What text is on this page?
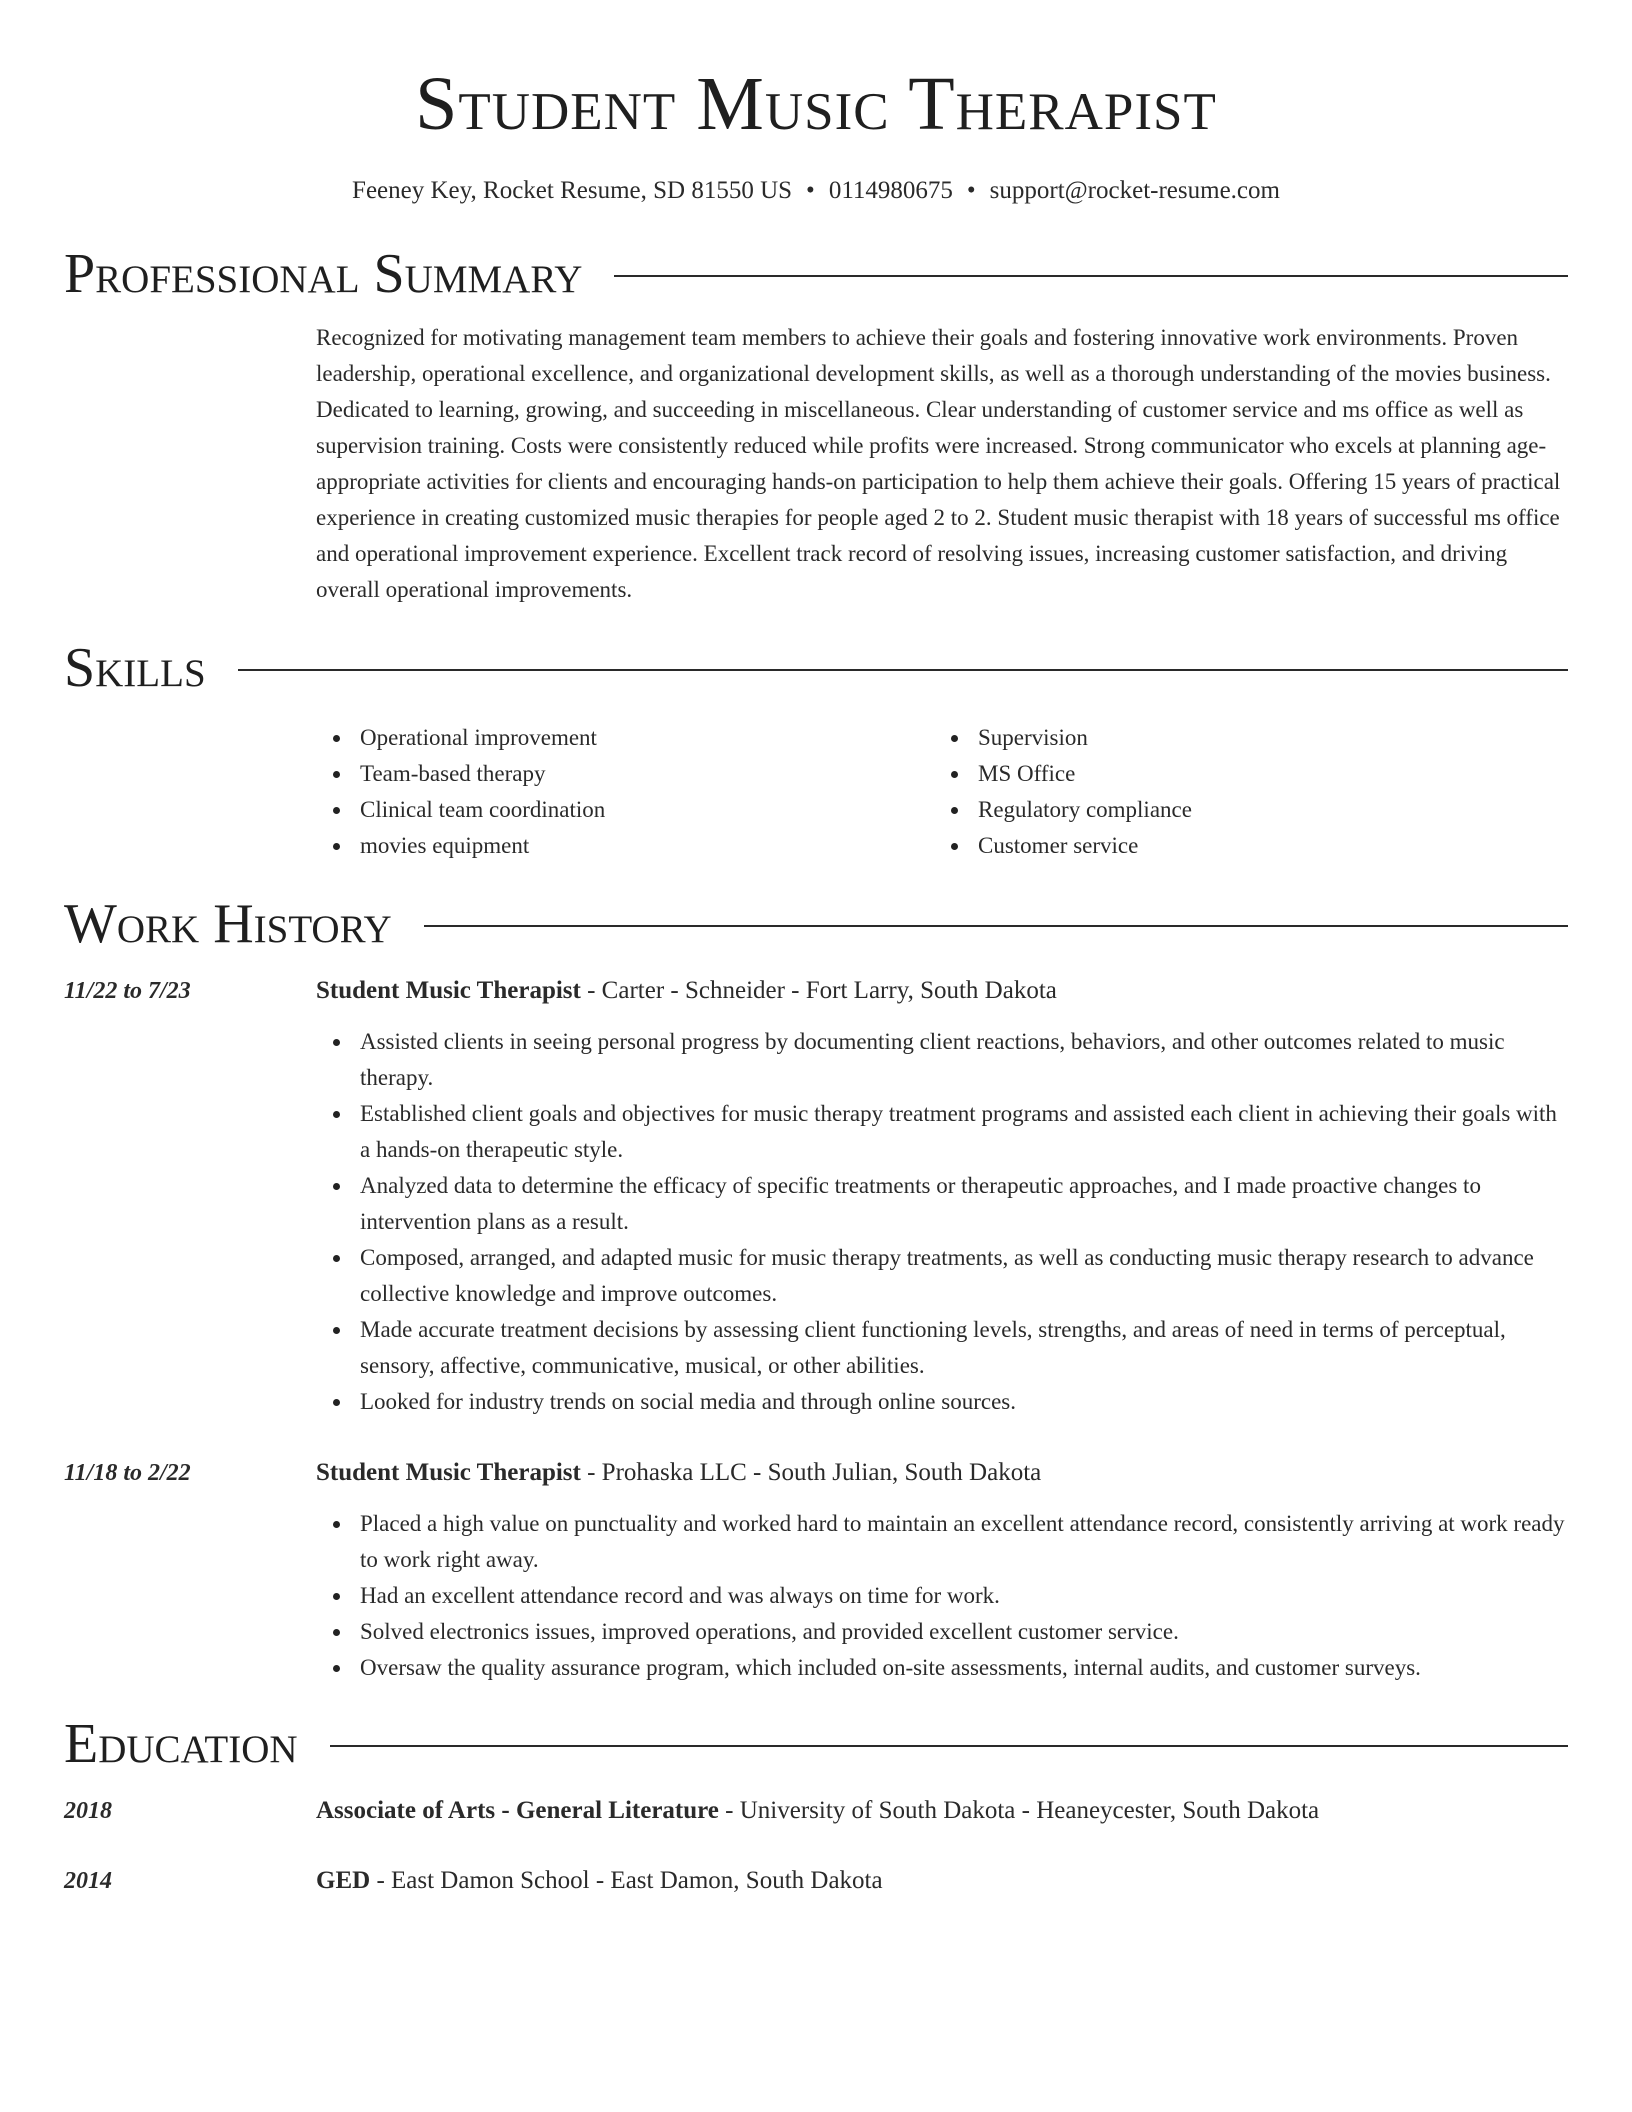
Student Music Therapist
Feeney Key, Rocket Resume, SD 81550 US • 0114980675 • support@rocket-resume.com
Professional Summary
Recognized for motivating management team members to achieve their goals and fostering innovative work environments. Proven leadership, operational excellence, and organizational development skills, as well as a thorough understanding of the movies business. Dedicated to learning, growing, and succeeding in miscellaneous. Clear understanding of customer service and ms office as well as supervision training. Costs were consistently reduced while profits were increased. Strong communicator who excels at planning age-appropriate activities for clients and encouraging hands-on participation to help them achieve their goals. Offering 15 years of practical experience in creating customized music therapies for people aged 2 to 2. Student music therapist with 18 years of successful ms office and operational improvement experience. Excellent track record of resolving issues, increasing customer satisfaction, and driving overall operational improvements.
Skills
Operational improvement
Team-based therapy
Clinical team coordination
movies equipment
Supervision
MS Office
Regulatory compliance
Customer service
Work History
11/22 to 7/23	Student Music Therapist - Carter - Schneider - Fort Larry, South Dakota
Assisted clients in seeing personal progress by documenting client reactions, behaviors, and other outcomes related to music therapy.
Established client goals and objectives for music therapy treatment programs and assisted each client in achieving their goals with a hands-on therapeutic style.
Analyzed data to determine the efficacy of specific treatments or therapeutic approaches, and I made proactive changes to intervention plans as a result.
Composed, arranged, and adapted music for music therapy treatments, as well as conducting music therapy research to advance collective knowledge and improve outcomes.
Made accurate treatment decisions by assessing client functioning levels, strengths, and areas of need in terms of perceptual, sensory, affective, communicative, musical, or other abilities.
Looked for industry trends on social media and through online sources.
11/18 to 2/22	Student Music Therapist - Prohaska LLC - South Julian, South Dakota
Placed a high value on punctuality and worked hard to maintain an excellent attendance record, consistently arriving at work ready to work right away.
Had an excellent attendance record and was always on time for work.
Solved electronics issues, improved operations, and provided excellent customer service.
Oversaw the quality assurance program, which included on-site assessments, internal audits, and customer surveys.
Education
2018	Associate of Arts - General Literature - University of South Dakota - Heaneycester, South Dakota
2014	GED - East Damon School - East Damon, South Dakota
